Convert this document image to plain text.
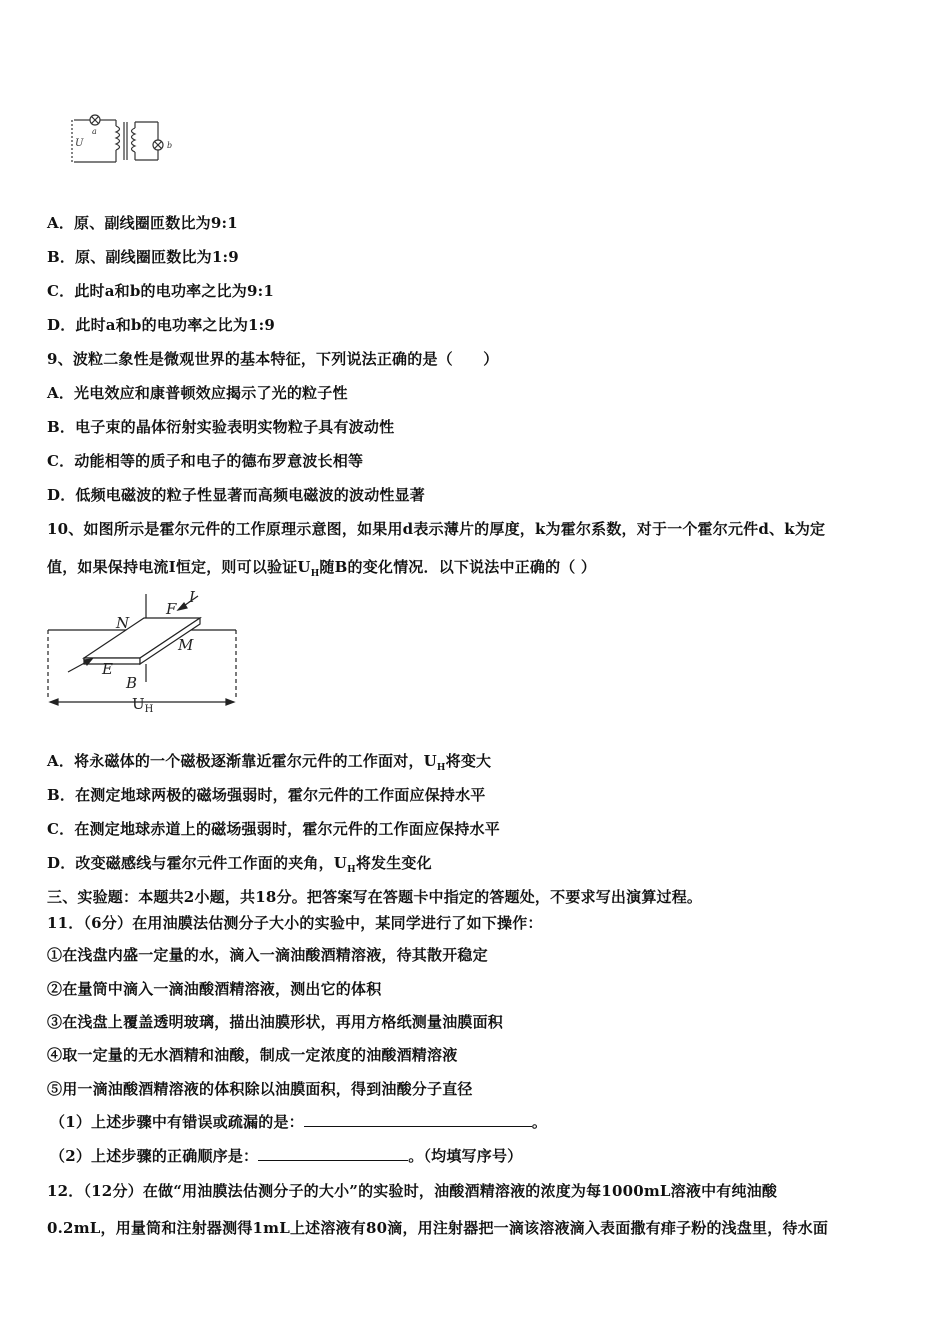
U
a
b
A．原、副线圈匝数比为9:1
B．原、副线圈匝数比为1:9
C．此时a和b的电功率之比为9:1
D．此时a和b的电功率之比为1:9
9、波粒二象性是微观世界的基本特征，下列说法正确的是（　　）
A．光电效应和康普顿效应揭示了光的粒子性
B．电子束的晶体衍射实验表明实物粒子具有波动性
C．动能相等的质子和电子的德布罗意波长相等
D．低频电磁波的粒子性显著而高频电磁波的波动性显著
10、如图所示是霍尔元件的工作原理示意图，如果用d表示薄片的厚度，k为霍尔系数，对于一个霍尔元件d、k为定
值，如果保持电流I恒定，则可以验证$U_H$随B的变化情况．以下说法中正确的（ ）
N
F
I
M
E
B
$U_H$
A．将永磁体的一个磁极逐渐靠近霍尔元件的工作面对，$U_H$将变大
B．在测定地球两极的磁场强弱时，霍尔元件的工作面应保持水平
C．在测定地球赤道上的磁场强弱时，霍尔元件的工作面应保持水平
D．改变磁感线与霍尔元件工作面的夹角，$U_H$将发生变化
三、实验题：本题共2小题，共18分。把答案写在答题卡中指定的答题处，不要求写出演算过程。
11．（6分）在用油膜法估测分子大小的实验中，某同学进行了如下操作：
①在浅盘内盛一定量的水，滴入一滴油酸酒精溶液，待其散开稳定
②在量筒中滴入一滴油酸酒精溶液，测出它的体积
③在浅盘上覆盖透明玻璃，描出油膜形状，再用方格纸测量油膜面积
④取一定量的无水酒精和油酸，制成一定浓度的油酸酒精溶液
⑤用一滴油酸酒精溶液的体积除以油膜面积，得到油酸分子直径
（1）上述步骤中有错误或疏漏的是：	。
（2）上述步骤的正确顺序是：	。（均填写序号）
12．（12分）在做“用油膜法估测分子的大小”的实验时，油酸酒精溶液的浓度为每1000mL溶液中有纯油酸
0.2mL，用量筒和注射器测得1mL上述溶液有80滴，用注射器把一滴该溶液滴入表面撒有痱子粉的浅盘里，待水面
